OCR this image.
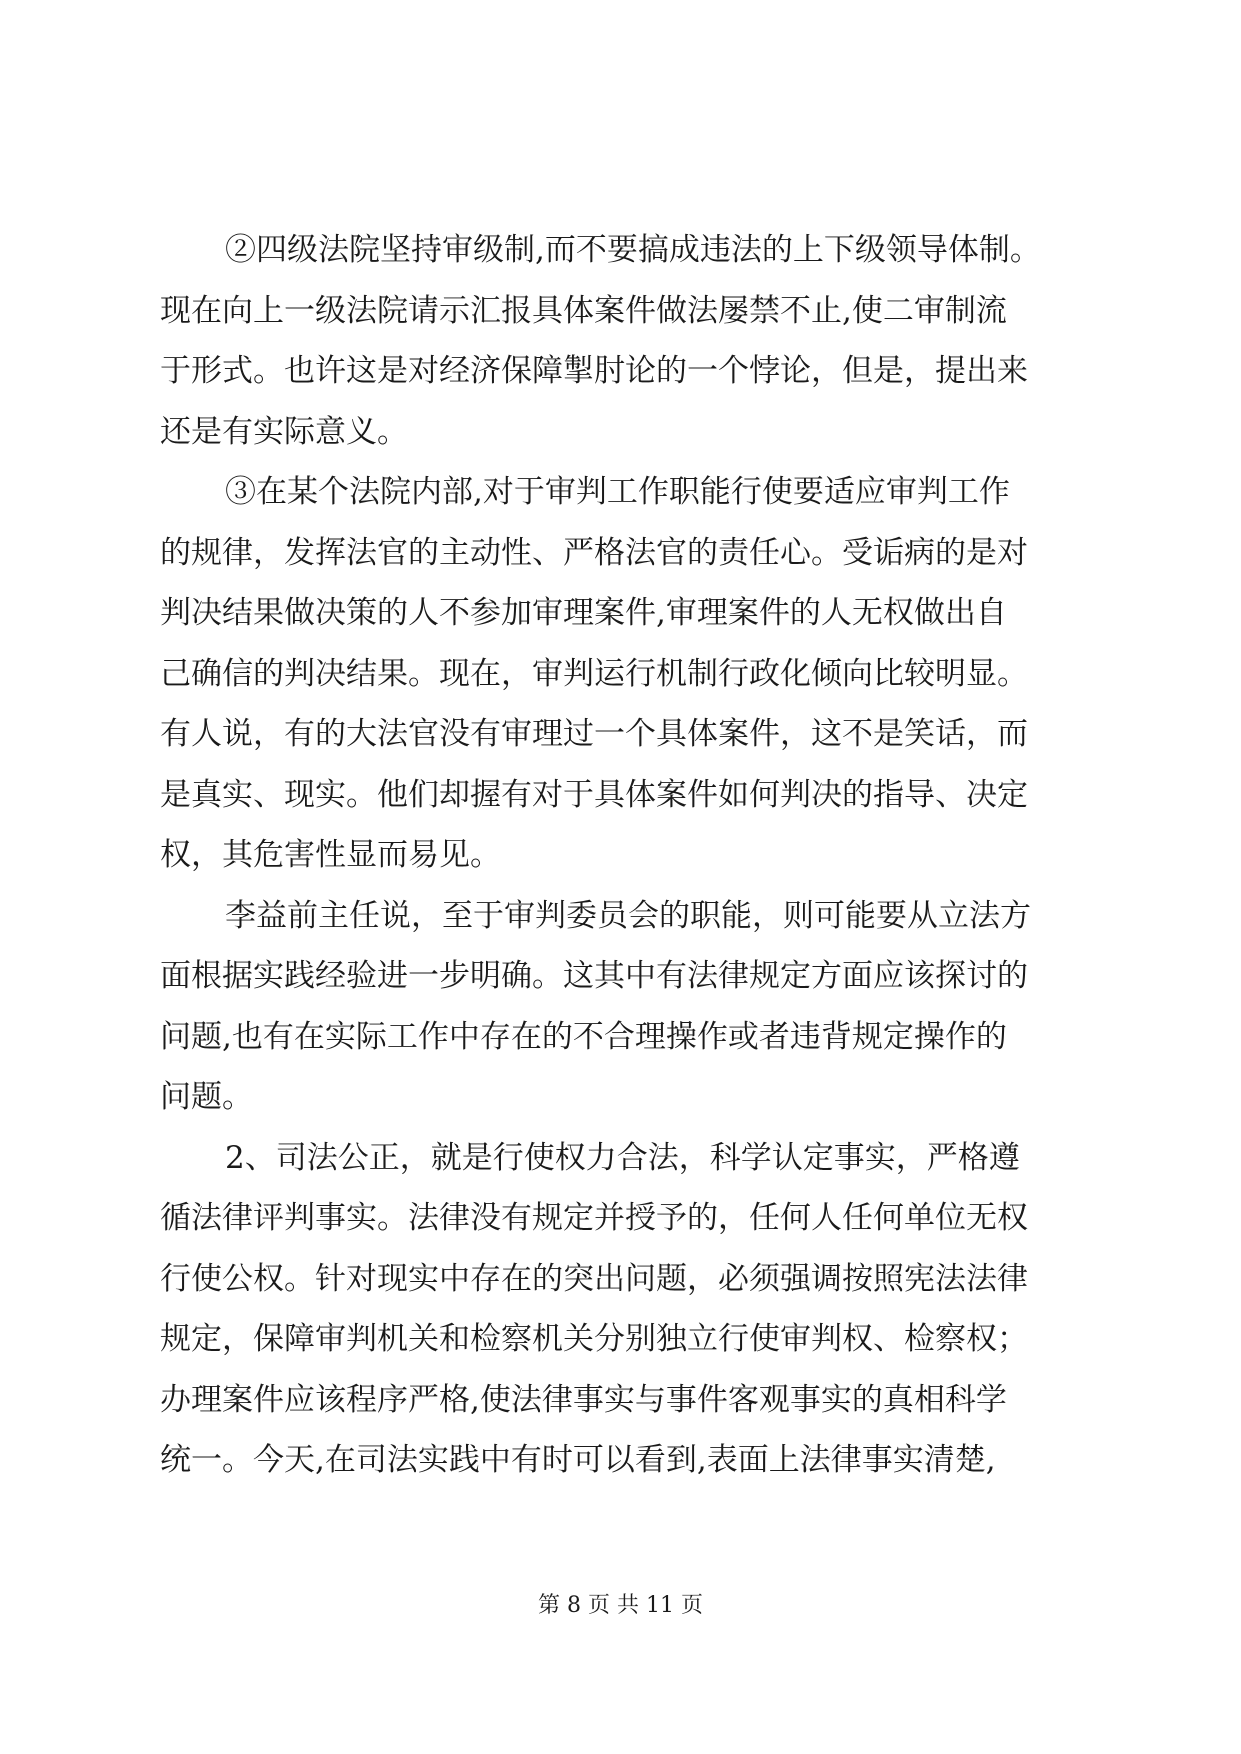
②四级法院坚持审级制,而不要搞成违法的上下级领导体制。
现在向上一级法院请示汇报具体案件做法屡禁不止,使二审制流
于形式。也许这是对经济保障掣肘论的一个悖论，但是，提出来
还是有实际意义。
③在某个法院内部,对于审判工作职能行使要适应审判工作
的规律，发挥法官的主动性、严格法官的责任心。受诟病的是对
判决结果做决策的人不参加审理案件,审理案件的人无权做出自
己确信的判决结果。现在，审判运行机制行政化倾向比较明显。
有人说，有的大法官没有审理过一个具体案件，这不是笑话，而
是真实、现实。他们却握有对于具体案件如何判决的指导、决定
权，其危害性显而易见。
李益前主任说，至于审判委员会的职能，则可能要从立法方
面根据实践经验进一步明确。这其中有法律规定方面应该探讨的
问题,也有在实际工作中存在的不合理操作或者违背规定操作的
问题。
2、司法公正，就是行使权力合法，科学认定事实，严格遵
循法律评判事实。法律没有规定并授予的，任何人任何单位无权
行使公权。针对现实中存在的突出问题，必须强调按照宪法法律
规定，保障审判机关和检察机关分别独立行使审判权、检察权；
办理案件应该程序严格,使法律事实与事件客观事实的真相科学
统一。今天,在司法实践中有时可以看到,表面上法律事实清楚,
第 8 页 共 11 页
